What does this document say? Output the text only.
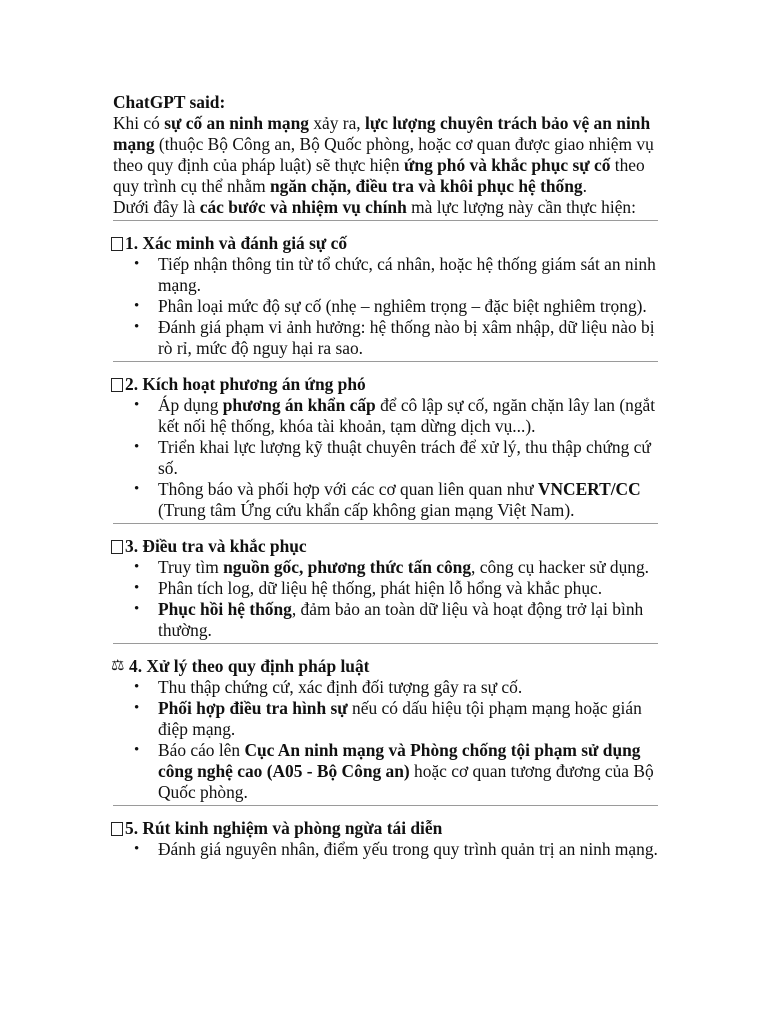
ChatGPT said:

Khi có sự cố an ninh mạng xảy ra, lực lượng chuyên trách bảo vệ an ninh mạng (thuộc Bộ Công an, Bộ Quốc phòng, hoặc cơ quan được giao nhiệm vụ theo quy định của pháp luật) sẽ thực hiện ứng phó và khắc phục sự cố theo quy trình cụ thể nhằm ngăn chặn, điều tra và khôi phục hệ thống.

Dưới đây là các bước và nhiệm vụ chính mà lực lượng này cần thực hiện:

1. Xác minh và đánh giá sự cố
• Tiếp nhận thông tin từ tổ chức, cá nhân, hoặc hệ thống giám sát an ninh mạng.
• Phân loại mức độ sự cố (nhẹ – nghiêm trọng – đặc biệt nghiêm trọng).
• Đánh giá phạm vi ảnh hưởng: hệ thống nào bị xâm nhập, dữ liệu nào bị rò rỉ, mức độ nguy hại ra sao.
2. Kích hoạt phương án ứng phó
• Áp dụng phương án khẩn cấp để cô lập sự cố, ngăn chặn lây lan (ngắt kết nối hệ thống, khóa tài khoản, tạm dừng dịch vụ...).
• Triển khai lực lượng kỹ thuật chuyên trách để xử lý, thu thập chứng cứ số.
• Thông báo và phối hợp với các cơ quan liên quan như VNCERT/CC (Trung tâm Ứng cứu khẩn cấp không gian mạng Việt Nam).
3. Điều tra và khắc phục
• Truy tìm nguồn gốc, phương thức tấn công, công cụ hacker sử dụng.
• Phân tích log, dữ liệu hệ thống, phát hiện lỗ hổng và khắc phục.
• Phục hồi hệ thống, đảm bảo an toàn dữ liệu và hoạt động trở lại bình thường.
⚖ 4. Xử lý theo quy định pháp luật
• Thu thập chứng cứ, xác định đối tượng gây ra sự cố.
• Phối hợp điều tra hình sự nếu có dấu hiệu tội phạm mạng hoặc gián điệp mạng.
• Báo cáo lên Cục An ninh mạng và Phòng chống tội phạm sử dụng công nghệ cao (A05 - Bộ Công an) hoặc cơ quan tương đương của Bộ Quốc phòng.
5. Rút kinh nghiệm và phòng ngừa tái diễn
• Đánh giá nguyên nhân, điểm yếu trong quy trình quản trị an ninh mạng.
